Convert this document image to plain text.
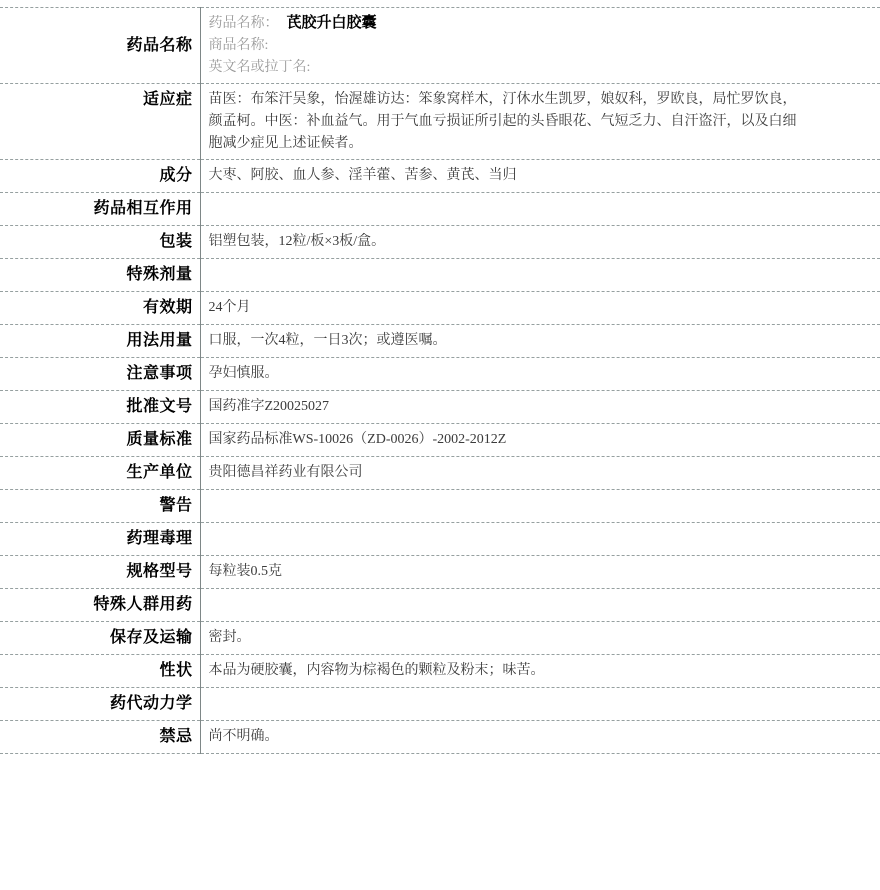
药品名称	药品名称： 芪胶升白胶囊
商品名称:
英文名或拉丁名:

适应症	苗医：布笨汗吴象，怡渥雄访达：笨象窝样木，汀休水生凯罗，娘奴科，罗欧良，局忙罗饮良，颜孟柯。中医：补血益气。用于气血亏损证所引起的头昏眼花、气短乏力、自汗盗汗，以及白细胞减少症见上述证候者。

成分	大枣、阿胶、血人参、淫羊藿、苦参、黄芪、当归

药品相互作用	

包装	铝塑包装，12粒/板×3板/盒。

特殊剂量	

有效期	24个月

用法用量	口服，一次4粒，一日3次；或遵医嘱。

注意事项	孕妇慎服。

批准文号	国药准字Z20025027

质量标准	国家药品标准WS-10026（ZD-0026）-2002-2012Z

生产单位	贵阳德昌祥药业有限公司

警告	

药理毒理	

规格型号	每粒装0.5克

特殊人群用药	

保存及运输	密封。

性状	本品为硬胶囊，内容物为棕褐色的颗粒及粉末；味苦。

药代动力学	

禁忌	尚不明确。
